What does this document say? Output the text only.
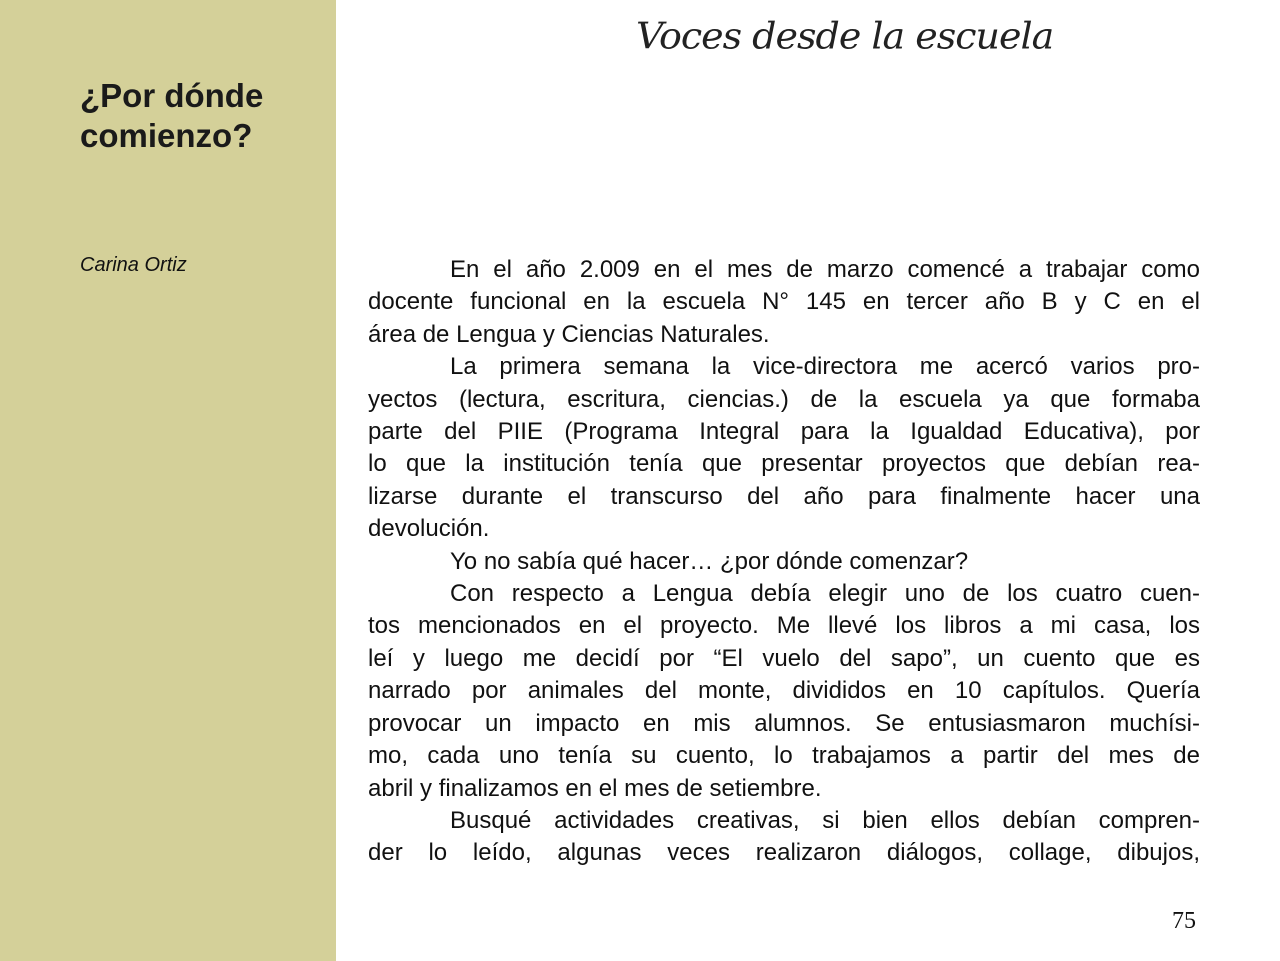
¿Por dónde
comienzo?
Carina Ortiz
Voces desde la escuela
En el año 2.009 en el mes de marzo comencé a trabajar como
docente funcional en la escuela N° 145 en tercer año B y C en el
área de Lengua y Ciencias Naturales.
La primera semana la vice-directora me acercó varios pro-
yectos (lectura, escritura, ciencias.) de la escuela ya que formaba
parte del PIIE (Programa Integral para la Igualdad Educativa), por
lo que la institución tenía que presentar proyectos que debían rea-
lizarse durante el transcurso del año para finalmente hacer una
devolución.
Yo no sabía qué hacer… ¿por dónde comenzar?
Con respecto a Lengua debía elegir uno de los cuatro cuen-
tos mencionados en el proyecto. Me llevé los libros a mi casa, los
leí y luego me decidí por “El vuelo del sapo”, un cuento que es
narrado por animales del monte, divididos en 10 capítulos. Quería
provocar un impacto en mis alumnos. Se entusiasmaron muchísi-
mo, cada uno tenía su cuento, lo trabajamos a partir del mes de
abril y finalizamos en el mes de setiembre.
Busqué actividades creativas, si bien ellos debían compren-
der lo leído, algunas veces realizaron diálogos, collage, dibujos,
75
